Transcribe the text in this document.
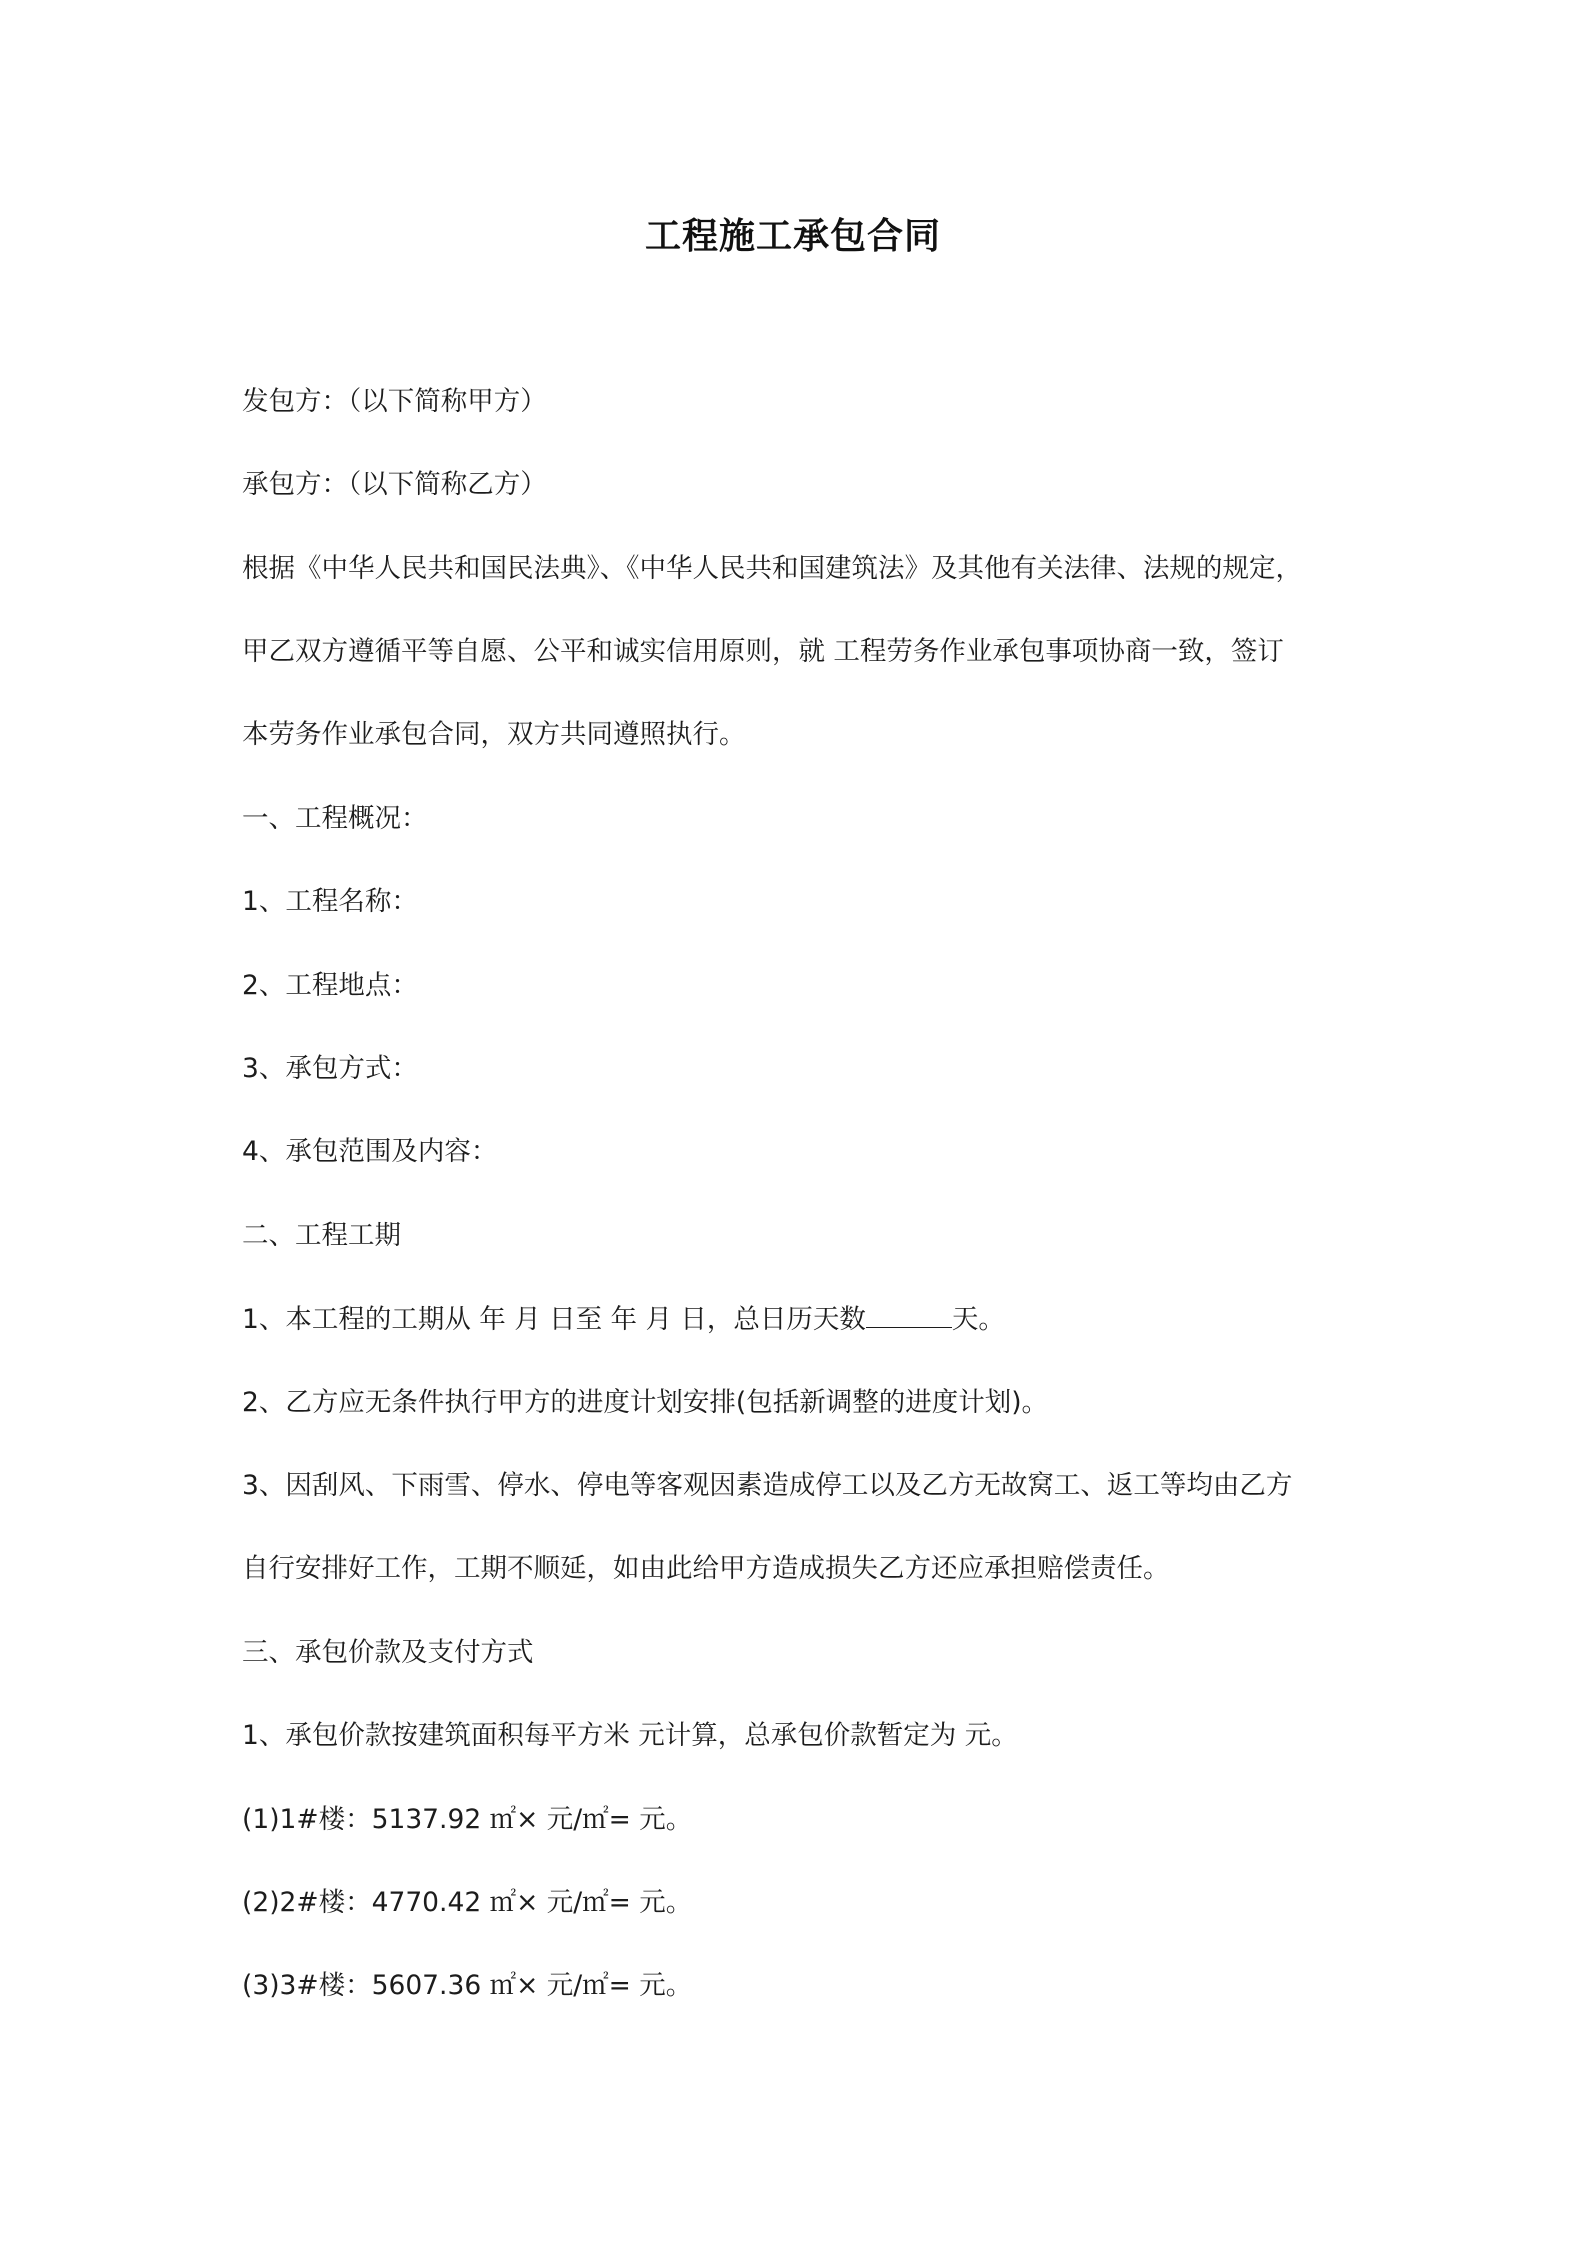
工程施工承包合同
发包方：（以下简称甲方）
承包方：（以下简称乙方）
根据《中华人民共和国民法典》、《中华人民共和国建筑法》及其他有关法律、法规的规定，
甲乙双方遵循平等自愿、公平和诚实信用原则，就 工程劳务作业承包事项协商一致，签订
本劳务作业承包合同，双方共同遵照执行。
一、工程概况：
1、工程名称：
2、工程地点：
3、承包方式：
4、承包范围及内容：
二、工程工期
1、本工程的工期从 年 月 日至 年 月 日，总日历天数	天。
2、乙方应无条件执行甲方的进度计划安排(包括新调整的进度计划)。
3、因刮风、下雨雪、停水、停电等客观因素造成停工以及乙方无故窝工、返工等均由乙方
自行安排好工作，工期不顺延，如由此给甲方造成损失乙方还应承担赔偿责任。
三、承包价款及支付方式
1、承包价款按建筑面积每平方米 元计算，总承包价款暂定为 元。
(1)1#楼：5137.92 ㎡× 元/㎡= 元。
(2)2#楼：4770.42 ㎡× 元/㎡= 元。
(3)3#楼：5607.36 ㎡× 元/㎡= 元。
